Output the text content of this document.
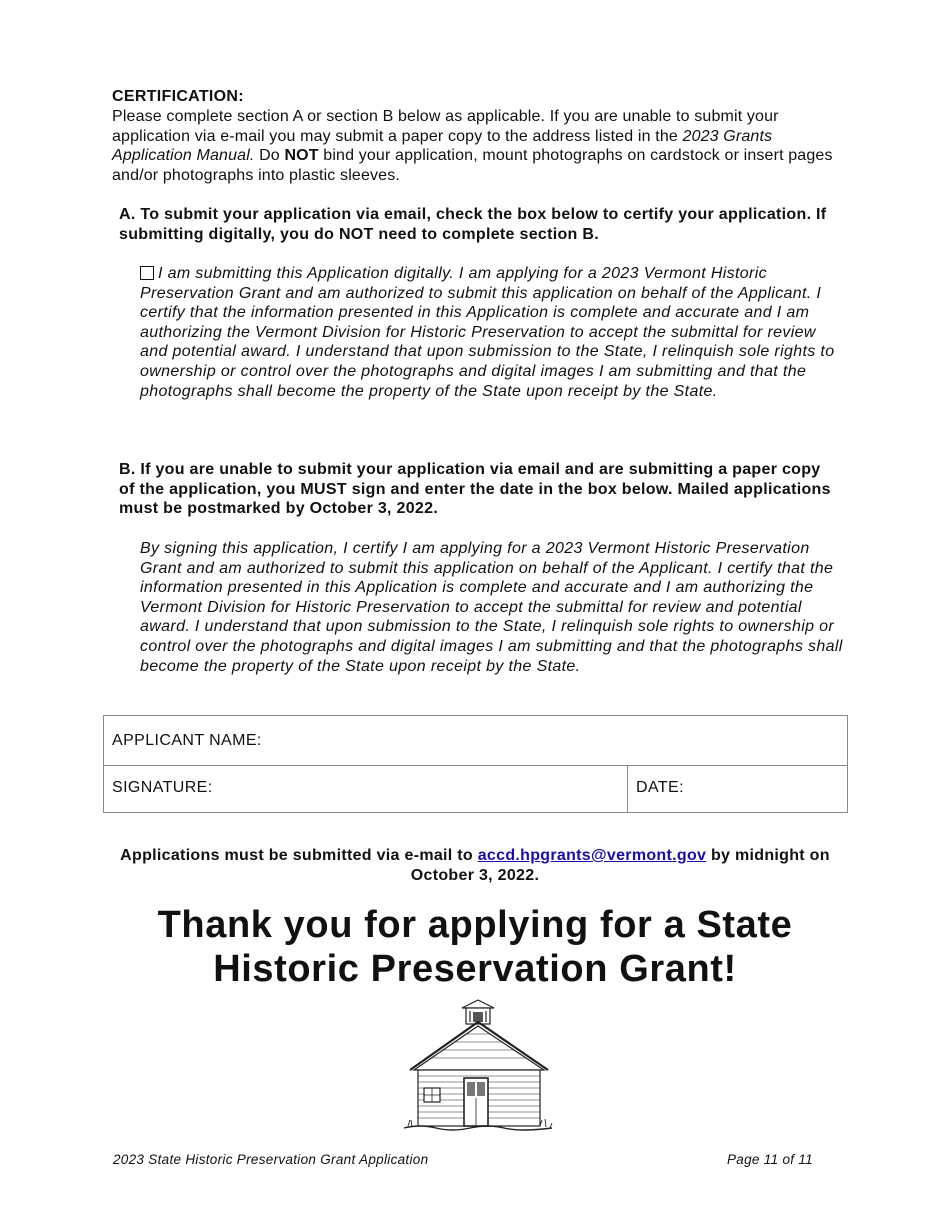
CERTIFICATION:
Please complete section A or section B below as applicable. If you are unable to submit your application via e-mail you may submit a paper copy to the address listed in the 2023 Grants Application Manual. Do NOT bind your application, mount photographs on cardstock or insert pages and/or photographs into plastic sleeves.
A. To submit your application via email, check the box below to certify your application. If submitting digitally, you do NOT need to complete section B.
I am submitting this Application digitally. I am applying for a 2023 Vermont Historic Preservation Grant and am authorized to submit this application on behalf of the Applicant. I certify that the information presented in this Application is complete and accurate and I am authorizing the Vermont Division for Historic Preservation to accept the submittal for review and potential award. I understand that upon submission to the State, I relinquish sole rights to ownership or control over the photographs and digital images I am submitting and that the photographs shall become the property of the State upon receipt by the State.
B. If you are unable to submit your application via email and are submitting a paper copy of the application, you MUST sign and enter the date in the box below. Mailed applications must be postmarked by October 3, 2022.
By signing this application, I certify I am applying for a 2023 Vermont Historic Preservation Grant and am authorized to submit this application on behalf of the Applicant. I certify that the information presented in this Application is complete and accurate and I am authorizing the Vermont Division for Historic Preservation to accept the submittal for review and potential award. I understand that upon submission to the State, I relinquish sole rights to ownership or control over the photographs and digital images I am submitting and that the photographs shall become the property of the State upon receipt by the State.
APPLICANT NAME:
SIGNATURE:	DATE:
Applications must be submitted via e-mail to accd.hpgrants@vermont.gov by midnight on October 3, 2022.
Thank you for applying for a State
Historic Preservation Grant!
2023 State Historic Preservation Grant Application	Page 11 of 11
